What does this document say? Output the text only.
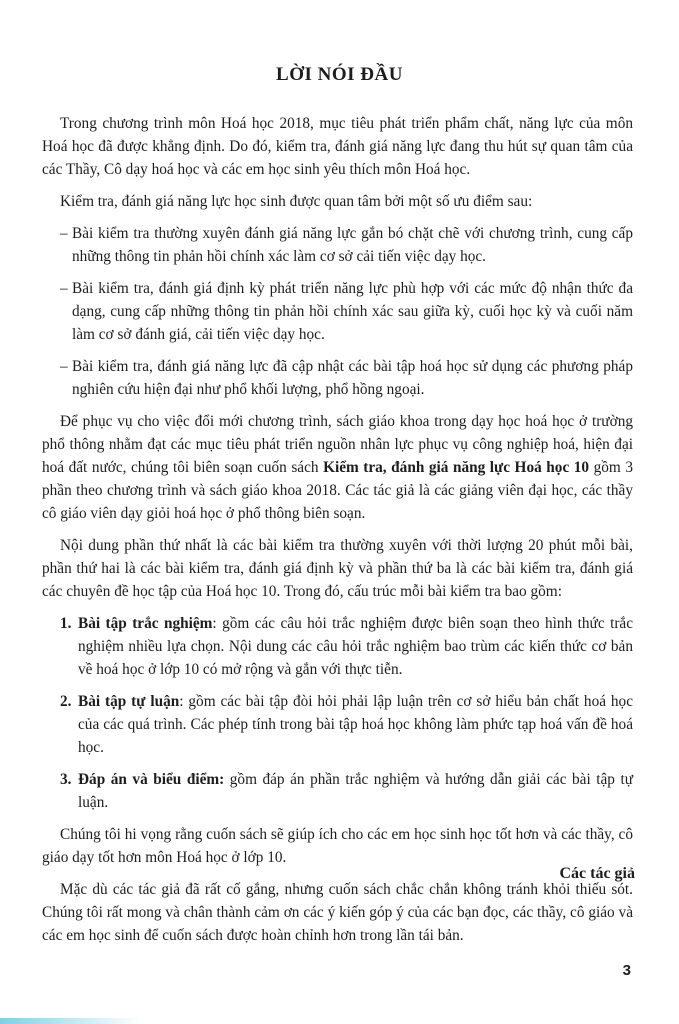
LỜI NÓI ĐẦU

Trong chương trình môn Hoá học 2018, mục tiêu phát triển phẩm chất, năng lực của môn Hoá học đã được khẳng định. Do đó, kiểm tra, đánh giá năng lực đang thu hút sự quan tâm của các Thầy, Cô dạy hoá học và các em học sinh yêu thích môn Hoá học.

Kiểm tra, đánh giá năng lực học sinh được quan tâm bởi một số ưu điểm sau:

– Bài kiểm tra thường xuyên đánh giá năng lực gắn bó chặt chẽ với chương trình, cung cấp những thông tin phản hồi chính xác làm cơ sở cải tiến việc dạy học.
– Bài kiểm tra, đánh giá định kỳ phát triển năng lực phù hợp với các mức độ nhận thức đa dạng, cung cấp những thông tin phản hồi chính xác sau giữa kỳ, cuối học kỳ và cuối năm làm cơ sở đánh giá, cải tiến việc dạy học.
– Bài kiểm tra, đánh giá năng lực đã cập nhật các bài tập hoá học sử dụng các phương pháp nghiên cứu hiện đại như phổ khối lượng, phổ hồng ngoại.

Để phục vụ cho việc đổi mới chương trình, sách giáo khoa trong dạy học hoá học ở trường phổ thông nhằm đạt các mục tiêu phát triển nguồn nhân lực phục vụ công nghiệp hoá, hiện đại hoá đất nước, chúng tôi biên soạn cuốn sách Kiểm tra, đánh giá năng lực Hoá học 10 gồm 3 phần theo chương trình và sách giáo khoa 2018. Các tác giả là các giảng viên đại học, các thầy cô giáo viên dạy giỏi hoá học ở phổ thông biên soạn.

Nội dung phần thứ nhất là các bài kiểm tra thường xuyên với thời lượng 20 phút mỗi bài, phần thứ hai là các bài kiểm tra, đánh giá định kỳ và phần thứ ba là các bài kiểm tra, đánh giá các chuyên đề học tập của Hoá học 10. Trong đó, cấu trúc mỗi bài kiểm tra bao gồm:

1. Bài tập trắc nghiệm: gồm các câu hỏi trắc nghiệm được biên soạn theo hình thức trắc nghiệm nhiều lựa chọn. Nội dung các câu hỏi trắc nghiệm bao trùm các kiến thức cơ bản về hoá học ở lớp 10 có mở rộng và gắn với thực tiễn.
2. Bài tập tự luận: gồm các bài tập đòi hỏi phải lập luận trên cơ sở hiểu bản chất hoá học của các quá trình. Các phép tính trong bài tập hoá học không làm phức tạp hoá vấn đề hoá học.
3. Đáp án và biểu điểm: gồm đáp án phần trắc nghiệm và hướng dẫn giải các bài tập tự luận.

Chúng tôi hi vọng rằng cuốn sách sẽ giúp ích cho các em học sinh học tốt hơn và các thầy, cô giáo dạy tốt hơn môn Hoá học ở lớp 10.

Mặc dù các tác giả đã rất cố gắng, nhưng cuốn sách chắc chắn không tránh khỏi thiếu sót. Chúng tôi rất mong và chân thành cảm ơn các ý kiến góp ý của các bạn đọc, các thầy, cô giáo và các em học sinh để cuốn sách được hoàn chỉnh hơn trong lần tái bản.

Các tác giả
3
